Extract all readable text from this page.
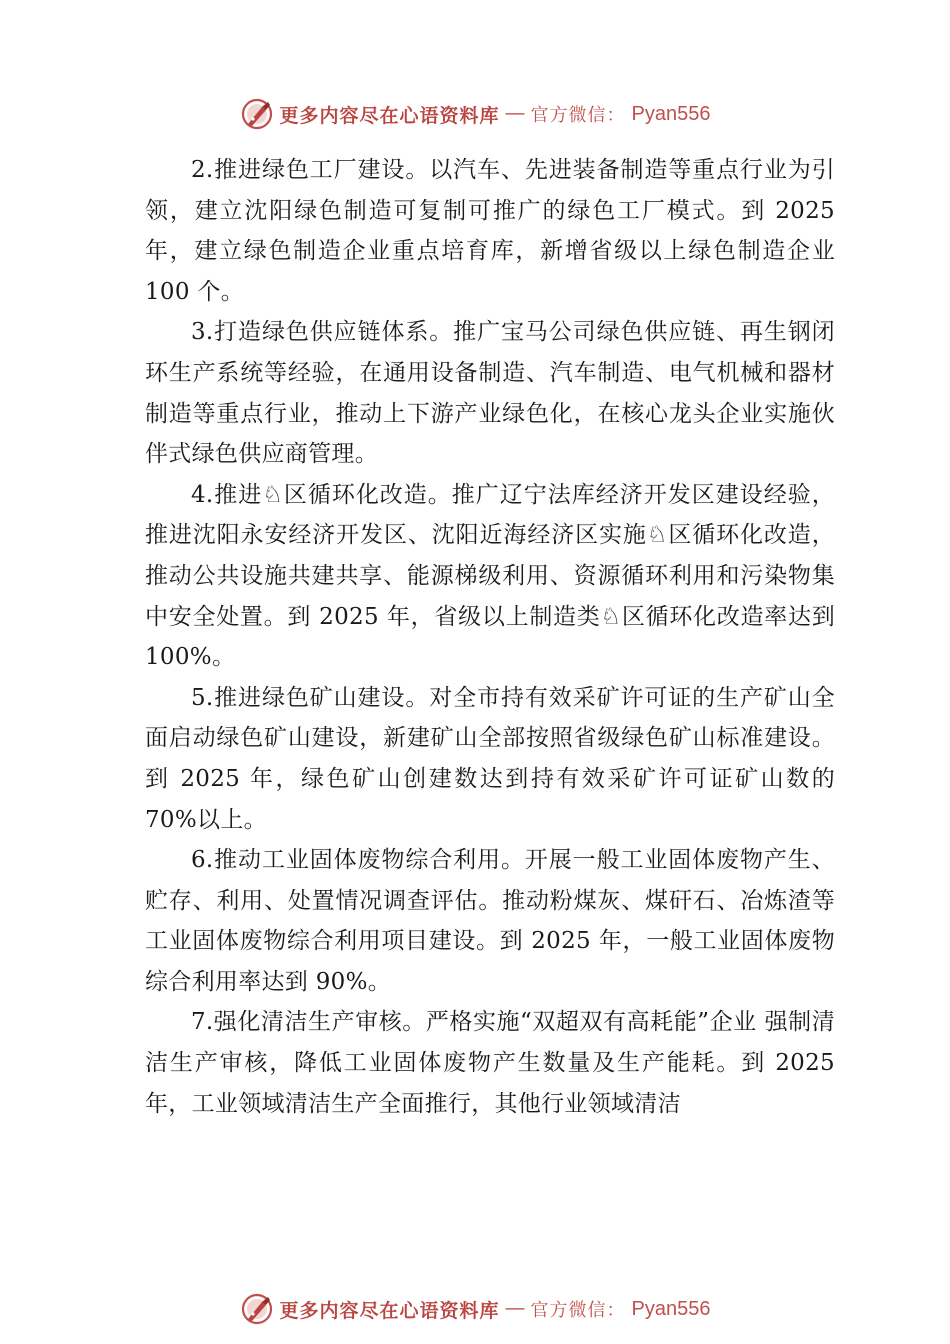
更多内容尽在心语资料库 — 官方微信： Pyan556

2.推进绿色工厂建设。以汽车、先进装备制造等重点行业为引领，建立沈阳绿色制造可复制可推广的绿色工厂模式。到 2025 年，建立绿色制造企业重点培育库，新增省级以上绿色制造企业 100 个。

3.打造绿色供应链体系。推广宝马公司绿色供应链、再生钢闭环生产系统等经验，在通用设备制造、汽车制造、电气机械和器材制造等重点行业，推动上下游产业绿色化，在核心龙头企业实施伙伴式绿色供应商管理。

4.推进♘区循环化改造。推广辽宁法库经济开发区建设经验，推进沈阳永安经济开发区、沈阳近海经济区实施♘区循环化改造，推动公共设施共建共享、能源梯级利用、资源循环利用和污染物集中安全处置。到 2025 年，省级以上制造类♘区循环化改造率达到 100%。

5.推进绿色矿山建设。对全市持有效采矿许可证的生产矿山全面启动绿色矿山建设，新建矿山全部按照省级绿色矿山标准建设。到 2025 年，绿色矿山创建数达到持有效采矿许可证矿山数的 70%以上。

6.推动工业固体废物综合利用。开展一般工业固体废物产生、贮存、利用、处置情况调查评估。推动粉煤灰、煤矸石、冶炼渣等工业固体废物综合利用项目建设。到 2025 年，一般工业固体废物综合利用率达到 90%。

7.强化清洁生产审核。严格实施“双超双有高耗能”企业 强制清洁生产审核，降低工业固体废物产生数量及生产能耗。到 2025 年，工业领域清洁生产全面推行，其他行业领域清洁

更多内容尽在心语资料库 — 官方微信： Pyan556
